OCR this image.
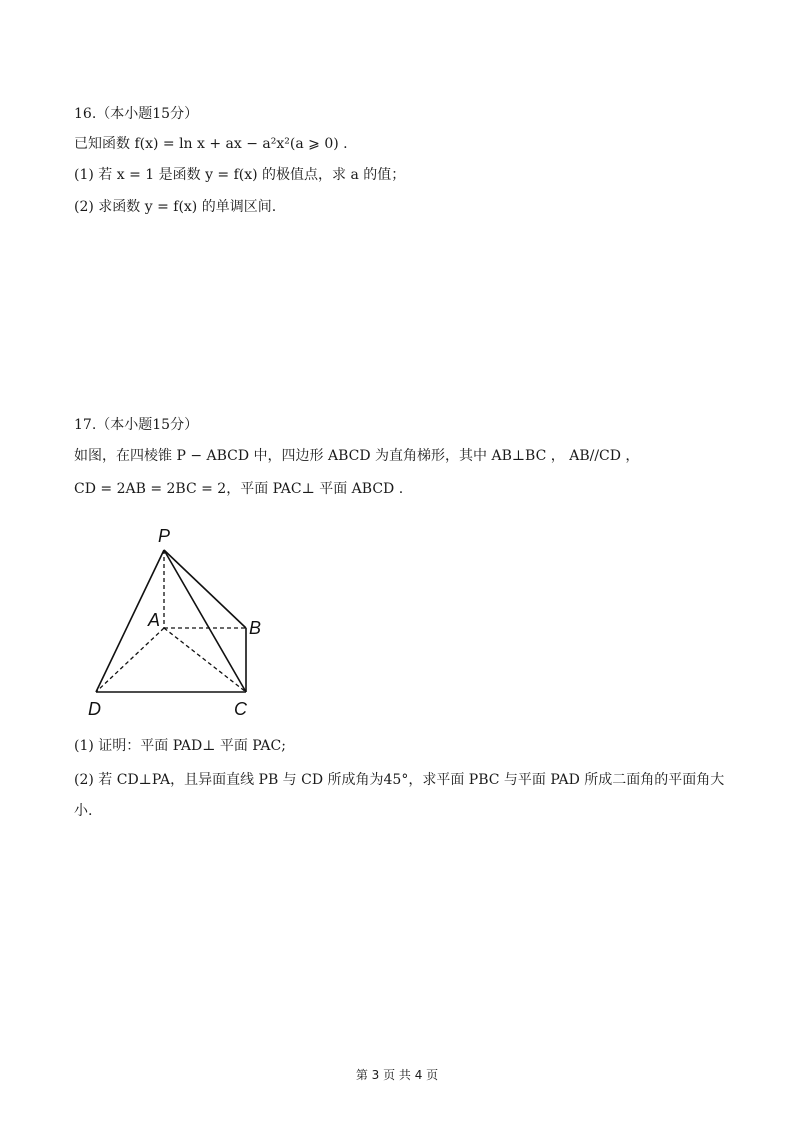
16.（本小题15分）
已知函数 f(x) = ln x + ax − a²x²(a ⩾ 0) .
(1) 若 x = 1 是函数 y = f(x) 的极值点，求 a 的值；
(2) 求函数 y = f(x) 的单调区间.
17.（本小题15分）
如图，在四棱锥 P − ABCD 中，四边形 ABCD 为直角梯形，其中 AB⊥BC ， AB//CD ，
CD = 2AB = 2BC = 2，平面 PAC⊥ 平面 ABCD .
P
A	B
C
D
(1) 证明：平面 PAD⊥ 平面 PAC;
(2) 若 CD⊥PA，且异面直线 PB 与 CD 所成角为45°，求平面 PBC 与平面 PAD 所成二面角的平面角大
小.
第 3 页 共 4 页
